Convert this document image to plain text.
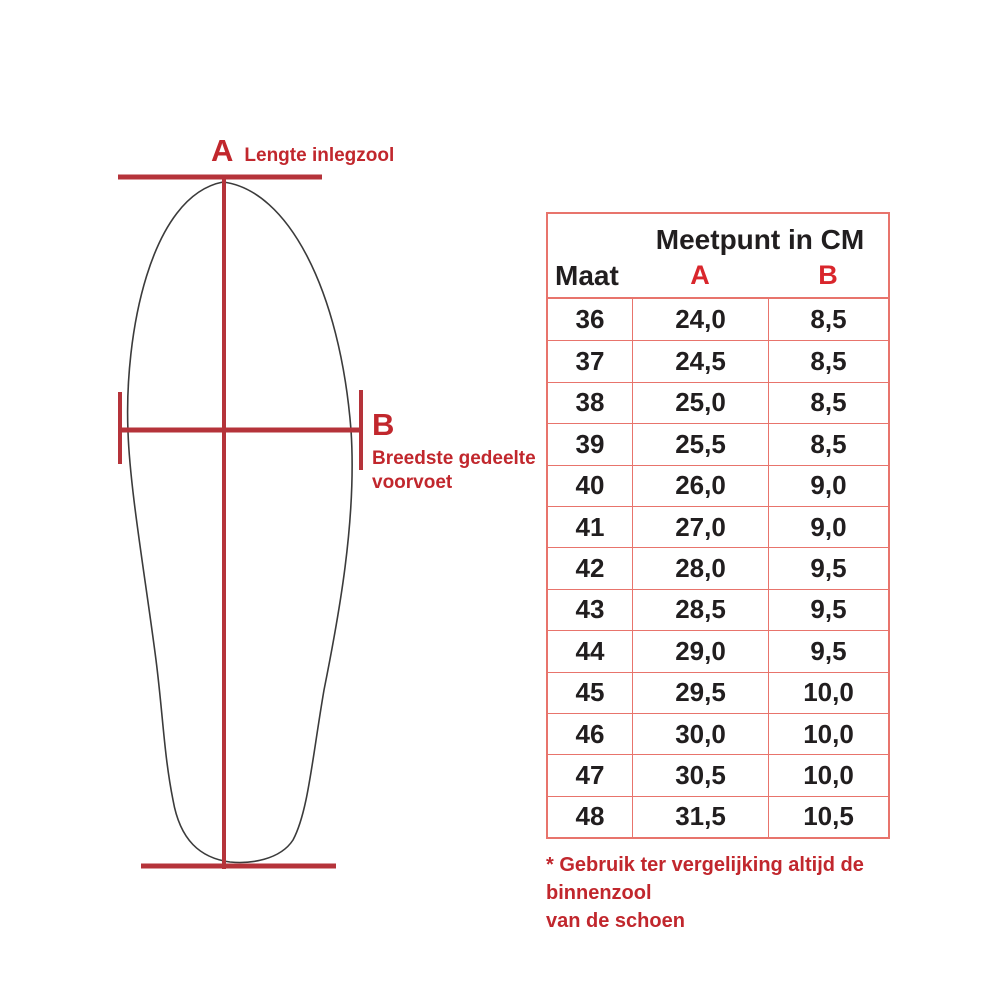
A Lengte inlegzool
B
Breedste gedeelte
voorvoet
Meetpunt in CM
Maat	A	B
36	24,0	8,5
37	24,5	8,5
38	25,0	8,5
39	25,5	8,5
40	26,0	9,0
41	27,0	9,0
42	28,0	9,5
43	28,5	9,5
44	29,0	9,5
45	29,5	10,0
46	30,0	10,0
47	30,5	10,0
48	31,5	10,5
* Gebruik ter vergelijking altijd de binnenzool
van de schoen
